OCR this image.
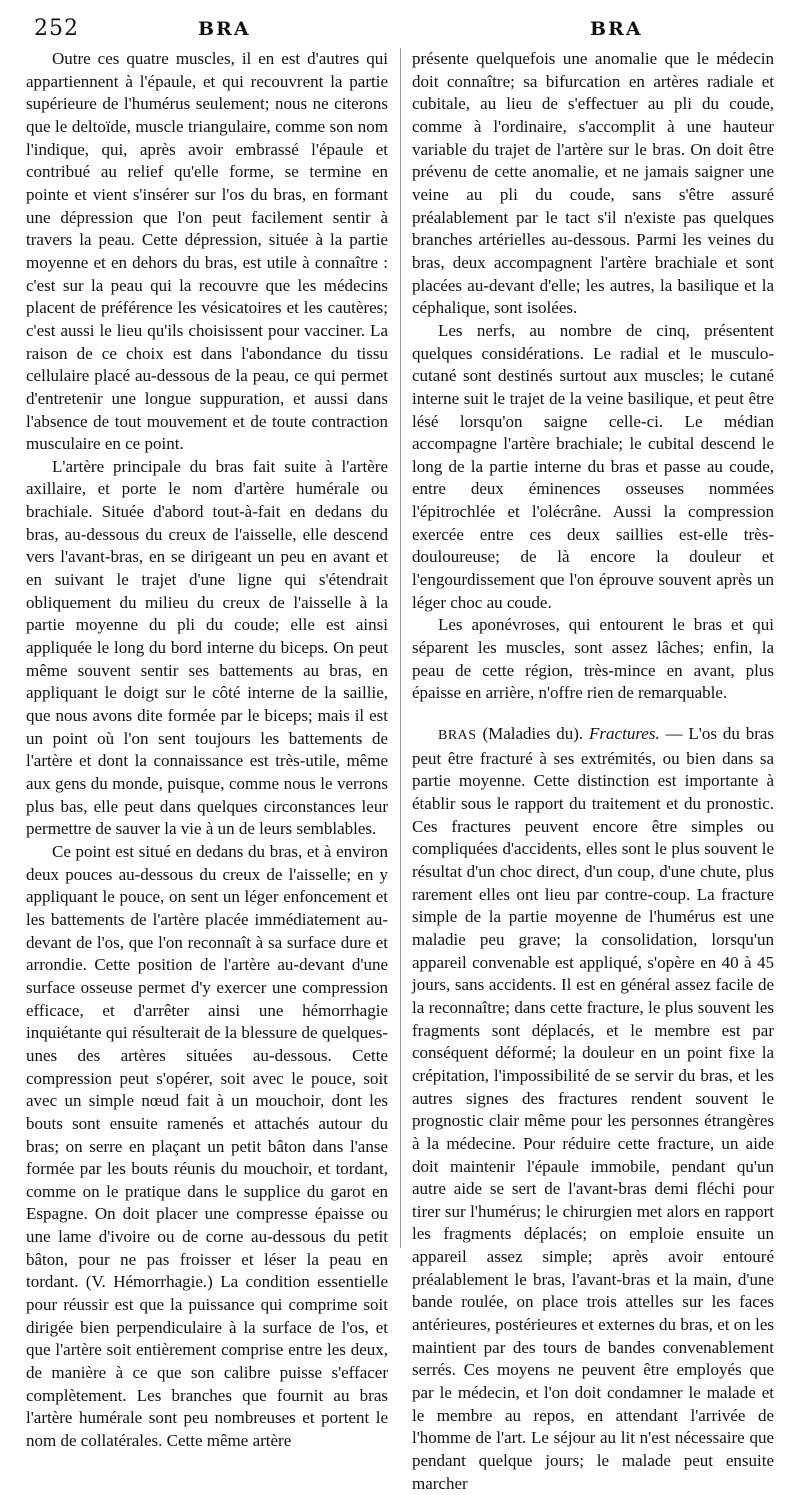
252	BRA	BRA

Outre ces quatre muscles, il en est d'autres qui appartiennent à l'épaule, et qui recouvrent la partie supérieure de l'humérus seulement; nous ne citerons que le deltoïde, muscle triangulaire, comme son nom l'indique, qui, après avoir embrassé l'épaule et contribué au relief qu'elle forme, se termine en pointe et vient s'insérer sur l'os du bras, en formant une dépression que l'on peut facilement sentir à travers la peau. Cette dépression, située à la partie moyenne et en dehors du bras, est utile à connaître : c'est sur la peau qui la recouvre que les médecins placent de préférence les vésicatoires et les cautères; c'est aussi le lieu qu'ils choisissent pour vacciner. La raison de ce choix est dans l'abondance du tissu cellulaire placé au-dessous de la peau, ce qui permet d'entretenir une longue suppuration, et aussi dans l'absence de tout mouvement et de toute contraction musculaire en ce point.

L'artère principale du bras fait suite à l'artère axillaire, et porte le nom d'artère humérale ou brachiale. Située d'abord tout-à-fait en dedans du bras, au-dessous du creux de l'aisselle, elle descend vers l'avant-bras, en se dirigeant un peu en avant et en suivant le trajet d'une ligne qui s'étendrait obliquement du milieu du creux de l'aisselle à la partie moyenne du pli du coude; elle est ainsi appliquée le long du bord interne du biceps. On peut même souvent sentir ses battements au bras, en appliquant le doigt sur le côté interne de la saillie, que nous avons dite formée par le biceps; mais il est un point où l'on sent toujours les battements de l'artère et dont la connaissance est très-utile, même aux gens du monde, puisque, comme nous le verrons plus bas, elle peut dans quelques circonstances leur permettre de sauver la vie à un de leurs semblables.

Ce point est situé en dedans du bras, et à environ deux pouces au-dessous du creux de l'aisselle; en y appliquant le pouce, on sent un léger enfoncement et les battements de l'artère placée immédiatement au-devant de l'os, que l'on reconnaît à sa surface dure et arrondie. Cette position de l'artère au-devant d'une surface osseuse permet d'y exercer une compression efficace, et d'arrêter ainsi une hémorrhagie inquiétante qui résulterait de la blessure de quelques-unes des artères situées au-dessous. Cette compression peut s'opérer, soit avec le pouce, soit avec un simple nœud fait à un mouchoir, dont les bouts sont ensuite ramenés et attachés autour du bras; on serre en plaçant un petit bâton dans l'anse formée par les bouts réunis du mouchoir, et tordant, comme on le pratique dans le supplice du garot en Espagne. On doit placer une compresse épaisse ou une lame d'ivoire ou de corne au-dessous du petit bâton, pour ne pas froisser et léser la peau en tordant. (V. Hémorrhagie.) La condition essentielle pour réussir est que la puissance qui comprime soit dirigée bien perpendiculaire à la surface de l'os, et que l'artère soit entièrement comprise entre les deux, de manière à ce que son calibre puisse s'effacer complètement. Les branches que fournit au bras l'artère humérale sont peu nombreuses et portent le nom de collatérales. Cette même artère

présente quelquefois une anomalie que le médecin doit connaître; sa bifurcation en artères radiale et cubitale, au lieu de s'effectuer au pli du coude, comme à l'ordinaire, s'accomplit à une hauteur variable du trajet de l'artère sur le bras. On doit être prévenu de cette anomalie, et ne jamais saigner une veine au pli du coude, sans s'être assuré préalablement par le tact s'il n'existe pas quelques branches artérielles au-dessous. Parmi les veines du bras, deux accompagnent l'artère brachiale et sont placées au-devant d'elle; les autres, la basilique et la céphalique, sont isolées.

Les nerfs, au nombre de cinq, présentent quelques considérations. Le radial et le musculo-cutané sont destinés surtout aux muscles; le cutané interne suit le trajet de la veine basilique, et peut être lésé lorsqu'on saigne celle-ci. Le médian accompagne l'artère brachiale; le cubital descend le long de la partie interne du bras et passe au coude, entre deux éminences osseuses nommées l'épitrochlée et l'olécrâne. Aussi la compression exercée entre ces deux saillies est-elle très-douloureuse; de là encore la douleur et l'engourdissement que l'on éprouve souvent après un léger choc au coude.

Les aponévroses, qui entourent le bras et qui séparent les muscles, sont assez lâches; enfin, la peau de cette région, très-mince en avant, plus épaisse en arrière, n'offre rien de remarquable.

BRAS (Maladies du). Fractures. — L'os du bras peut être fracturé à ses extrémités, ou bien dans sa partie moyenne. Cette distinction est importante à établir sous le rapport du traitement et du pronostic. Ces fractures peuvent encore être simples ou compliquées d'accidents, elles sont le plus souvent le résultat d'un choc direct, d'un coup, d'une chute, plus rarement elles ont lieu par contre-coup. La fracture simple de la partie moyenne de l'humérus est une maladie peu grave; la consolidation, lorsqu'un appareil convenable est appliqué, s'opère en 40 à 45 jours, sans accidents. Il est en général assez facile de la reconnaître; dans cette fracture, le plus souvent les fragments sont déplacés, et le membre est par conséquent déformé; la douleur en un point fixe la crépitation, l'impossibilité de se servir du bras, et les autres signes des fractures rendent souvent le prognostic clair même pour les personnes étrangères à la médecine. Pour réduire cette fracture, un aide doit maintenir l'épaule immobile, pendant qu'un autre aide se sert de l'avant-bras demi fléchi pour tirer sur l'humérus; le chirurgien met alors en rapport les fragments déplacés; on emploie ensuite un appareil assez simple; après avoir entouré préalablement le bras, l'avant-bras et la main, d'une bande roulée, on place trois attelles sur les faces antérieures, postérieures et externes du bras, et on les maintient par des tours de bandes convenablement serrés. Ces moyens ne peuvent être employés que par le médecin, et l'on doit condamner le malade et le membre au repos, en attendant l'arrivée de l'homme de l'art. Le séjour au lit n'est nécessaire que pendant quelque jours; le malade peut ensuite marcher
